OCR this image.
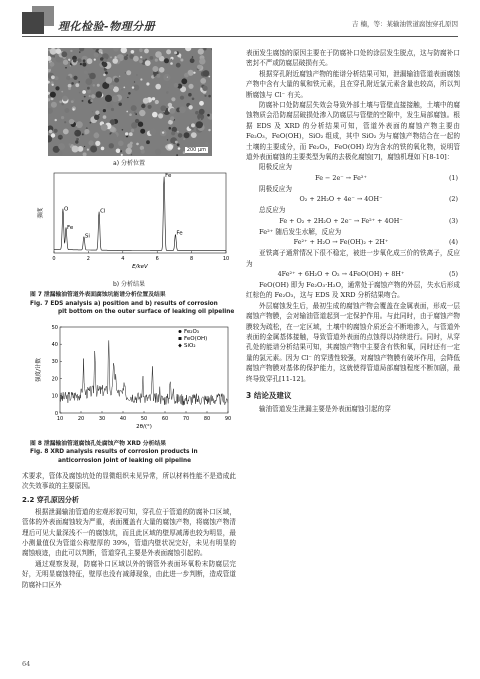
理化检验-物理分册	吉 楠，等：某输油管道腐蚀穿孔原因
200 μm
a) 分析位置
0	2	4	6	8	10
O
Fe
Si
Cl
Fe
Fe
E/keV
强度
b) 分析结果
图 7 泄漏输油管道外表面腐蚀坑能谱分析位置及结果
Fig. 7 EDS analysis a) position and b) results of corrosion
pit bottom on the outer surface of leaking oil pipeline
10	20	30	40	50	60	70	80	90
0
10
20
30
40
50
Fe₂O₃
FeO(OH)
SiO₂
2θ/(°)
强度/计数
图 8 泄漏输油管道腐蚀孔处腐蚀产物 XRD 分析结果
Fig. 8 XRD analysis results of corrosion products in
anticorrosion joint of leaking oil pipeline

术要求，管体及腐蚀坑处的显微组织未见异常，所以材料性能不是造成此次失效事故的主要原因。

2.2 穿孔原因分析

根据泄漏输油管道的宏观形貌可知，穿孔位于管道的防腐补口区域，管体的外表面腐蚀较为严重，表面覆盖有大量的腐蚀产物，将腐蚀产物清理后可见大量深浅不一的腐蚀坑，而且此区域的壁厚减薄也较为明显，最小测量值仅为管道公称壁厚的 39%，管道内壁状况完好，未见有明显的腐蚀痕迹，由此可以判断，管道穿孔主要是外表面腐蚀引起的。

通过观察发现，防腐补口区域以外的钢管外表面环氧粉末防腐层完好，无明显腐蚀特征，壁厚也没有减薄现象，由此进一步判断，造成管道防腐补口区外

表面发生腐蚀的原因主要在于防腐补口处的涂层发生脱点，这与防腐补口密封不严或防腐层破损有关。

根据穿孔附近腐蚀产物的能谱分析结果可知，泄漏输油管道表面腐蚀产物中含有大量的氧和铁元素，且在穿孔附近氯元素含量也较高，所以判断腐蚀与 Cl⁻ 有关。

防腐补口处防腐层失效会导致外部土壤与管壁直接接触，土壤中的腐蚀物质会沿防腐层破损处渗入防腐层与管壁的空隙中，发生局部腐蚀。根据 EDS 及 XRD 的分析结果可知，管道外表面的腐蚀产物主要由 Fe₂O₃，FeO(OH)，SiO₂ 组成，其中 SiO₂ 为与腐蚀产物结合在一起的土壤的主要成分，而 Fe₂O₃，FeO(OH) 均为含水的铁的氧化物，说明管道外表面腐蚀的主要类型为氧的去极化腐蚀[7]，腐蚀机理如下[8-10]：

阳极反应为
Fe − 2e⁻ → Fe²⁺	(1)
阴极反应为
O₂ + 2H₂O + 4e⁻ → 4OH⁻	(2)
总反应为
Fe + O₂ + 2H₂O + 2e⁻ → Fe²⁺ + 4OH⁻	(3)
Fe²⁺ 随后发生水解，反应为
Fe²⁺ + H₂O → Fe(OH)₂ + 2H⁺	(4)

亚铁离子通常情况下很不稳定，被进一步氧化成三价的铁离子，反应为

4Fe²⁺ + 6H₂O + O₂ → 4FeO(OH) + 8H⁺	(5)

FeO(OH) 即为 Fe₂O₃·H₂O，通常处于腐蚀产物的外层，失水后形成红棕色的 Fe₂O₃，这与 EDS 及 XRD 分析结果吻合。

外层腐蚀发生后，最初生成的腐蚀产物会覆盖在金属表面，形成一层腐蚀产物膜，会对输油管道起到一定保护作用。与此同时，由于腐蚀产物膜较为疏松，在一定区域，土壤中的腐蚀介质还会不断地渗入，与管道外表面的金属基体接触，导致管道外表面的点蚀得以持续进行。同时，从穿孔处的能谱分析结果可知，其腐蚀产物中主要含有铁和氧，同时还有一定量的氯元素。因为 Cl⁻ 的穿透性较强，对腐蚀产物膜有破坏作用，会降低腐蚀产物膜对基体的保护能力，这就使得管道局部腐蚀程度不断加剧，最终导致穿孔[11-12]。

3 结论及建议

输油管道发生泄漏主要是外表面腐蚀引起的穿

64
